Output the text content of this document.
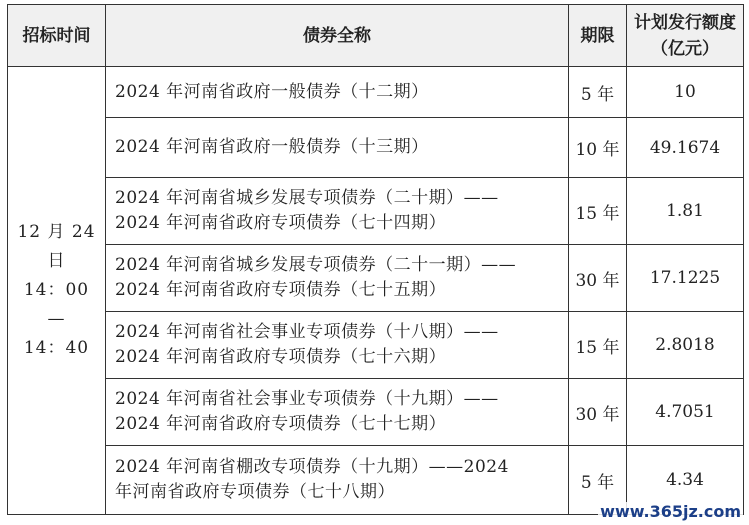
招标时间	债券全称	期限	计划发行额度
（亿元）

12 月 24 日
14：00
—
14：40	2024 年河南省政府一般债券（十二期）	5 年	10

	2024 年河南省政府一般债券（十三期）	10 年	49.1674

	2024 年河南省城乡发展专项债券（二十期）——
2024 年河南省政府专项债券（七十四期）	15 年	1.81

	2024 年河南省城乡发展专项债券（二十一期）——
2024 年河南省政府专项债券（七十五期）	30 年	17.1225

	2024 年河南省社会事业专项债券（十八期）——
2024 年河南省政府专项债券（七十六期）	15 年	2.8018

	2024 年河南省社会事业专项债券（十九期）——
2024 年河南省政府专项债券（七十七期）	30 年	4.7051

	2024 年河南省棚改专项债券（十九期）——2024
年河南省政府专项债券（七十八期）	5 年	4.34
www.365jz.com
